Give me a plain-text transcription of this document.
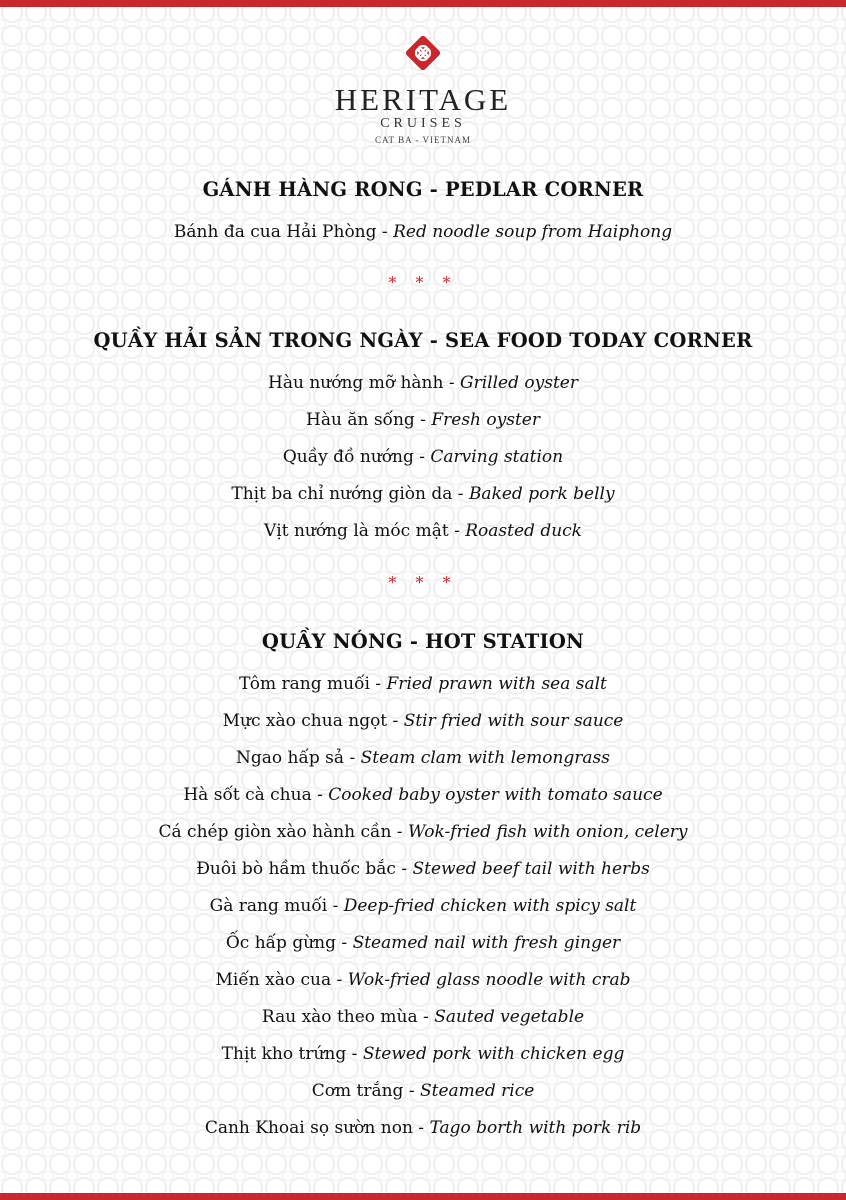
HERITAGE
CRUISES
CAT BA - VIETNAM
GÁNH HÀNG RONG - PEDLAR CORNER
Bánh đa cua Hải Phòng - Red noodle soup from Haiphong
* * *
QUẦY HẢI SẢN TRONG NGÀY - SEA FOOD TODAY CORNER
Hàu nướng mỡ hành - Grilled oyster
Hàu ăn sống - Fresh oyster
Quầy đồ nướng - Carving station
Thịt ba chỉ nướng giòn da - Baked pork belly
Vịt nướng là móc mật - Roasted duck
* * *
QUẦY NÓNG - HOT STATION
Tôm rang muối - Fried prawn with sea salt
Mực xào chua ngọt - Stir fried with sour sauce
Ngao hấp sả - Steam clam with lemongrass
Hà sốt cà chua - Cooked baby oyster with tomato sauce
Cá chép giòn xào hành cần - Wok-fried fish with onion, celery
Đuôi bò hầm thuốc bắc - Stewed beef tail with herbs
Gà rang muối - Deep-fried chicken with spicy salt
Ốc hấp gừng - Steamed nail with fresh ginger
Miến xào cua - Wok-fried glass noodle with crab
Rau xào theo mùa - Sauted vegetable
Thịt kho trứng - Stewed pork with chicken egg
Cơm trắng - Steamed rice
Canh Khoai sọ sườn non - Tago borth with pork rib
